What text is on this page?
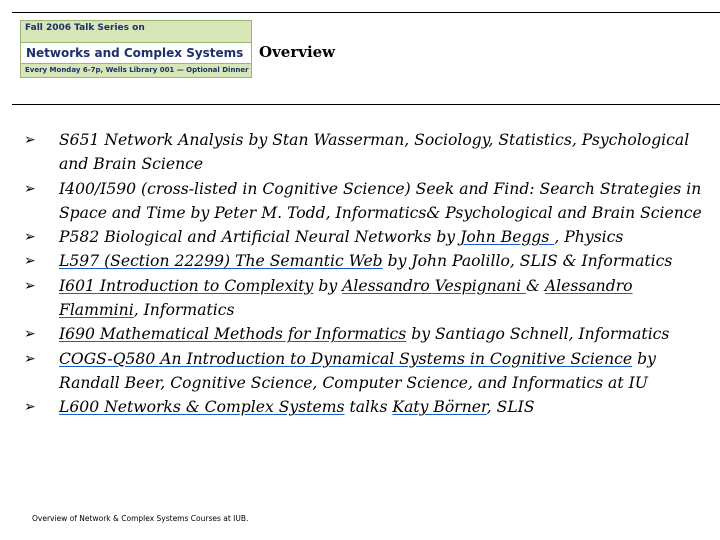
Fall 2006 Talk Series on
Networks and Complex Systems
Every Monday 6-7p, Wells Library 001 — Optional Dinner
Overview
➢ S651 Network Analysis by Stan Wasserman, Sociology, Statistics, Psychological and Brain Science
➢ I400/I590 (cross-listed in Cognitive Science) Seek and Find: Search Strategies in Space and Time by Peter M. Todd, Informatics& Psychological and Brain Science
➢ P582 Biological and Artificial Neural Networks by John Beggs , Physics
➢ L597 (Section 22299) The Semantic Web by John Paolillo, SLIS & Informatics
➢ I601 Introduction to Complexity by Alessandro Vespignani & Alessandro Flammini, Informatics
➢ I690 Mathematical Methods for Informatics by Santiago Schnell, Informatics
➢ COGS-Q580 An Introduction to Dynamical Systems in Cognitive Science by Randall Beer, Cognitive Science, Computer Science, and Informatics at IU
➢ L600 Networks & Complex Systems talks Katy Börner, SLIS
Overview of Network & Complex Systems Courses at IUB.
